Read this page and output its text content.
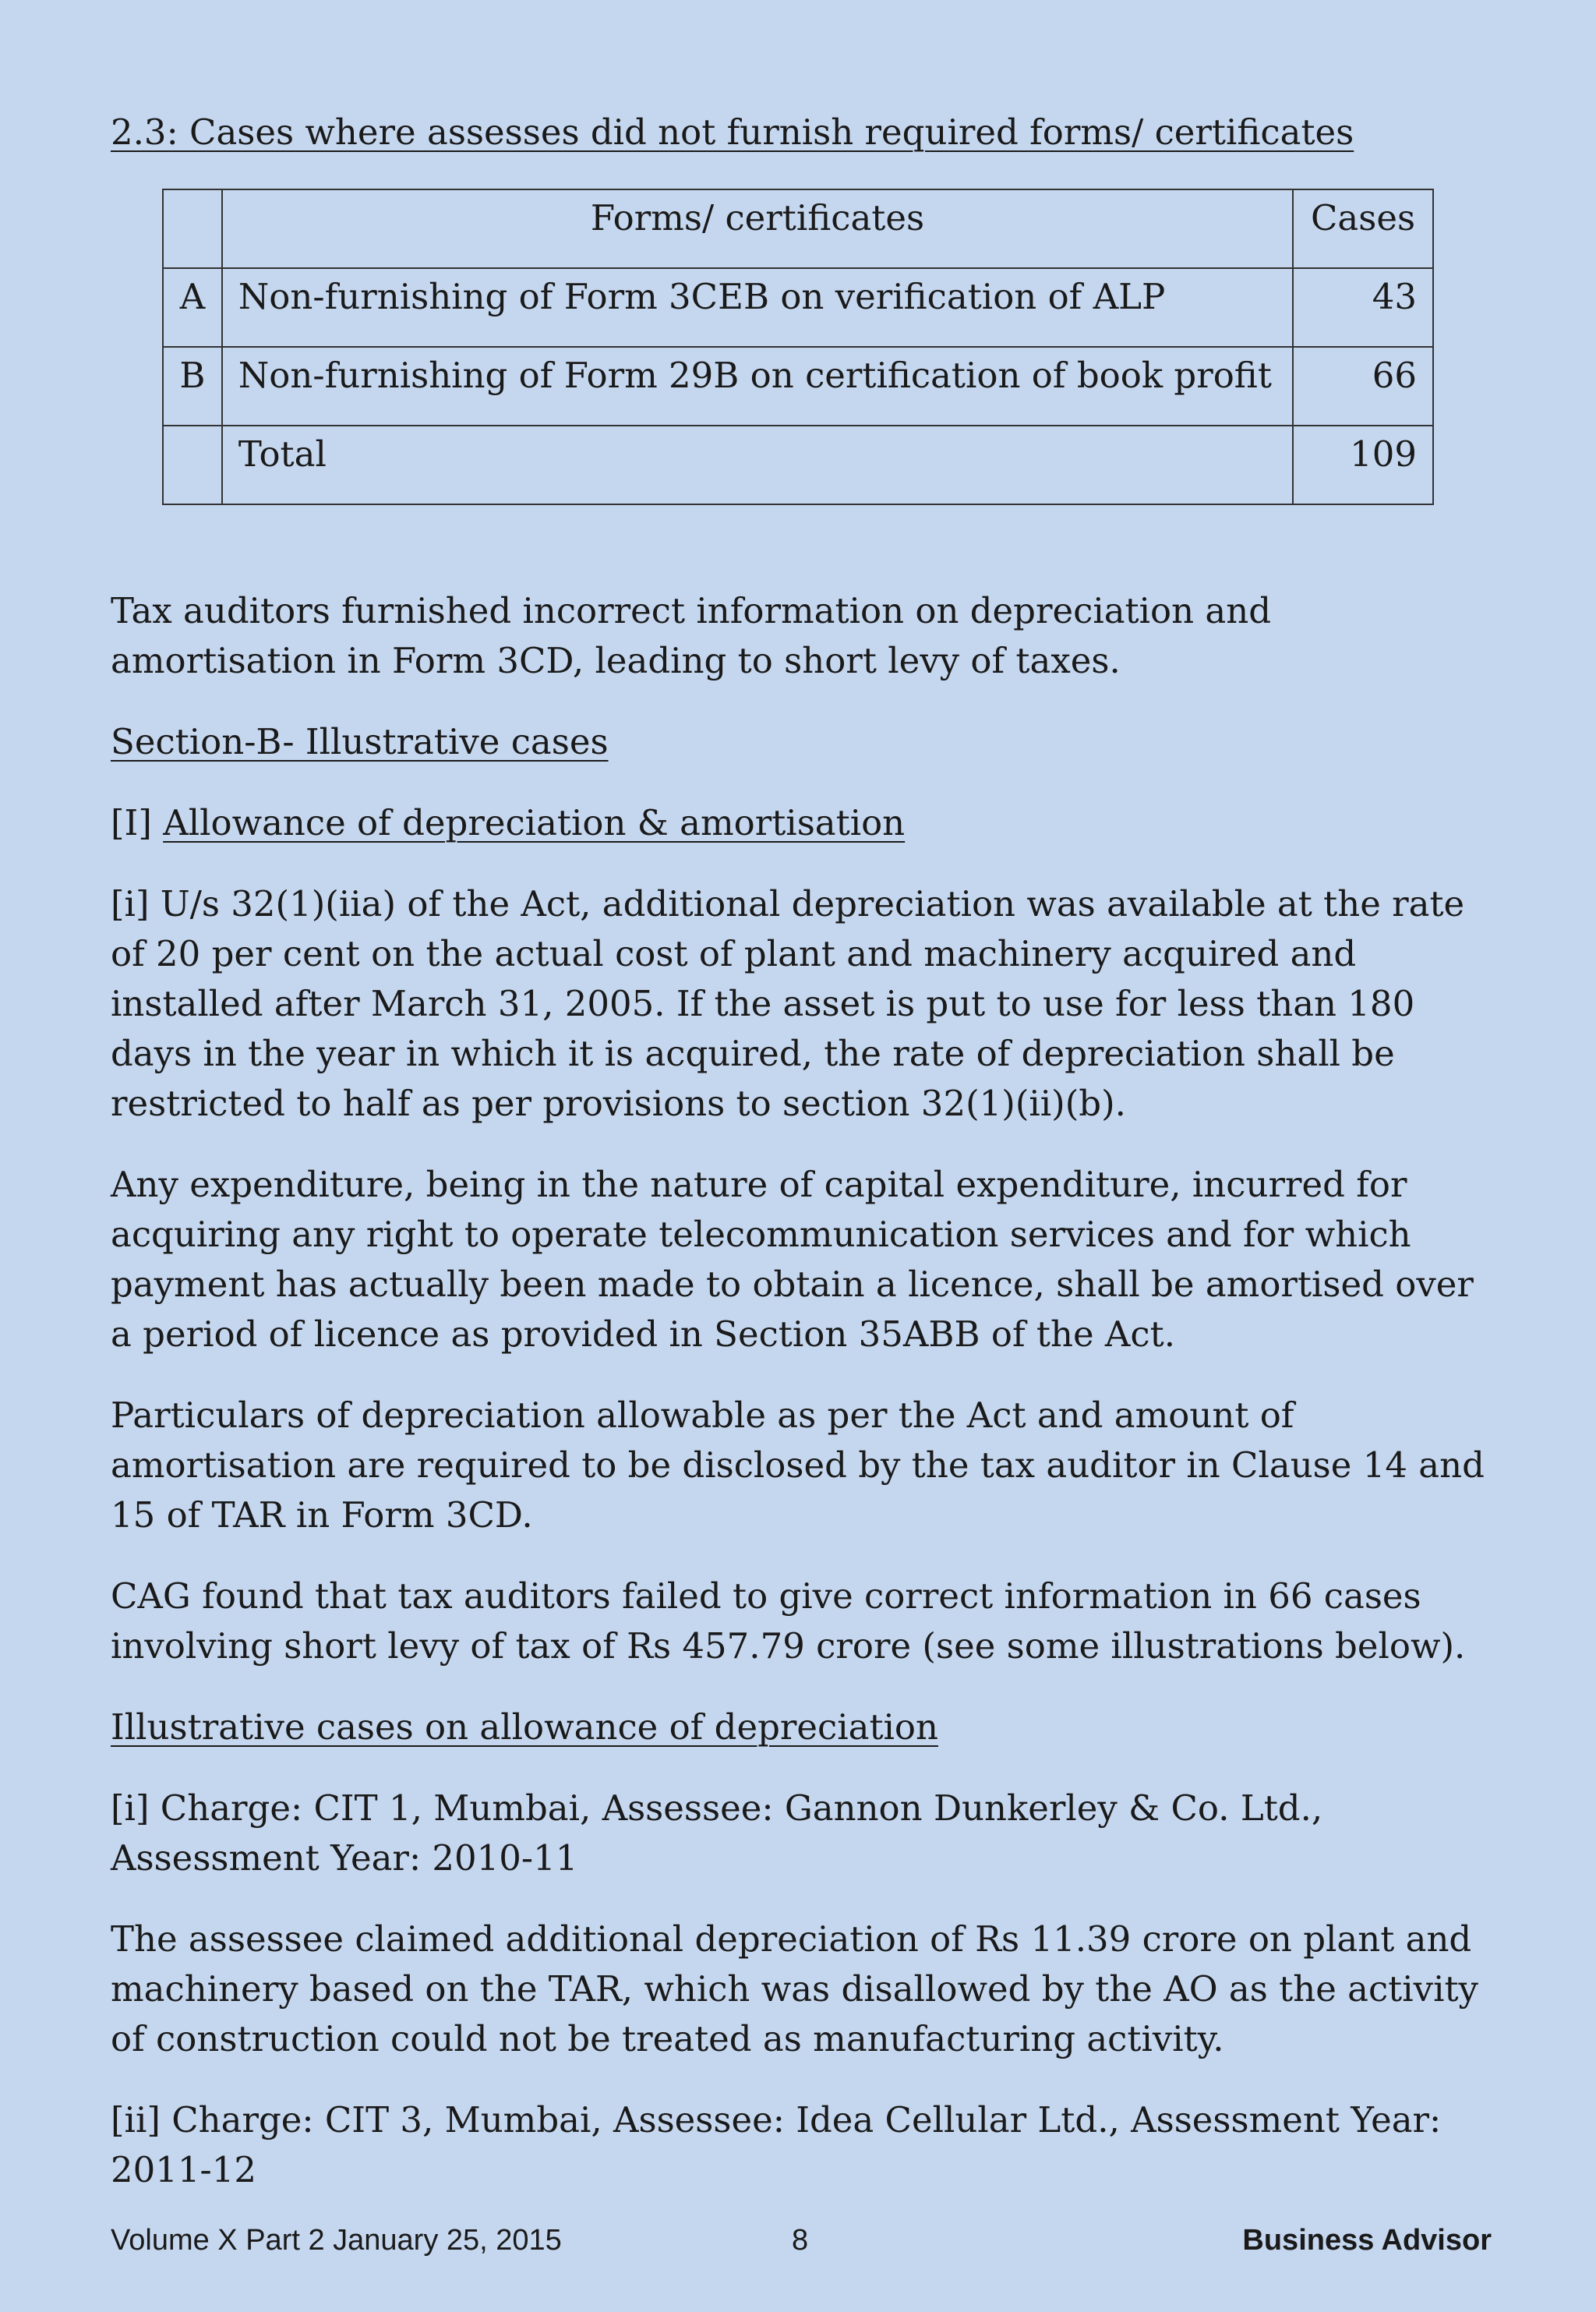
2.3: Cases where assesses did not furnish required forms/ certificates
	Forms/ certificates	Cases
A	Non-furnishing of Form 3CEB on verification of ALP	43
B	Non-furnishing of Form 29B on certification of book profit	66
	Total	109

Tax auditors furnished incorrect information on depreciation and amortisation in Form 3CD, leading to short levy of taxes.

Section-B- Illustrative cases

[I] Allowance of depreciation & amortisation

[i] U/s 32(1)(iia) of the Act, additional depreciation was available at the rate of 20 per cent on the actual cost of plant and machinery acquired and installed after March 31, 2005. If the asset is put to use for less than 180 days in the year in which it is acquired, the rate of depreciation shall be restricted to half as per provisions to section 32(1)(ii)(b).

Any expenditure, being in the nature of capital expenditure, incurred for acquiring any right to operate telecommunication services and for which payment has actually been made to obtain a licence, shall be amortised over a period of licence as provided in Section 35ABB of the Act.

Particulars of depreciation allowable as per the Act and amount of amortisation are required to be disclosed by the tax auditor in Clause 14 and 15 of TAR in Form 3CD.

CAG found that tax auditors failed to give correct information in 66 cases involving short levy of tax of Rs 457.79 crore (see some illustrations below).

Illustrative cases on allowance of depreciation

[i] Charge: CIT 1, Mumbai, Assessee: Gannon Dunkerley & Co. Ltd., Assessment Year: 2010-11

The assessee claimed additional depreciation of Rs 11.39 crore on plant and machinery based on the TAR, which was disallowed by the AO as the activity of construction could not be treated as manufacturing activity.

[ii] Charge: CIT 3, Mumbai, Assessee: Idea Cellular Ltd., Assessment Year: 2011-12

Volume X Part 2 January 25, 2015	8	Business Advisor
